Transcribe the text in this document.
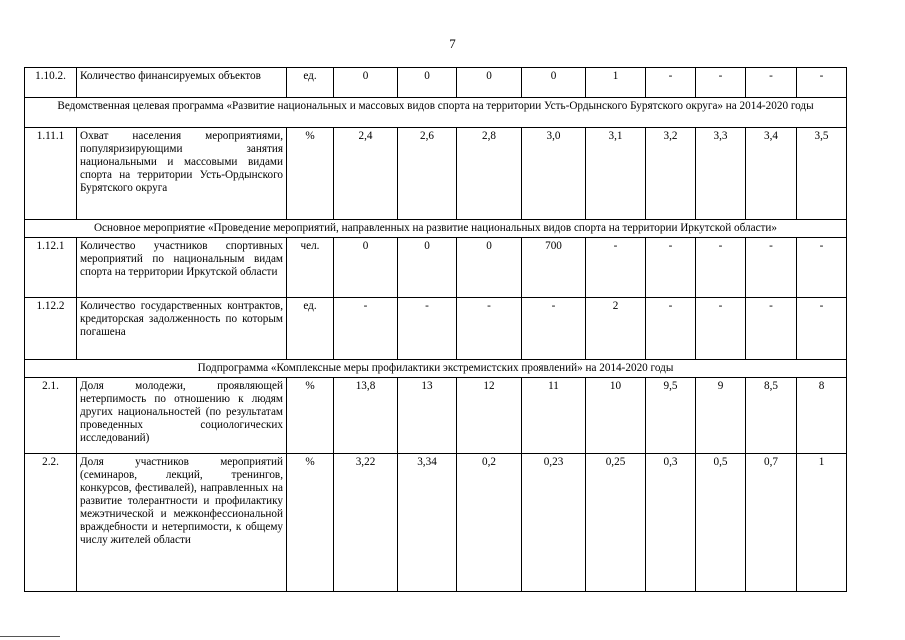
7
1.10.2.	Количество финансируемых объектов	ед.	0	0	0	0	1	-	-	-	-
Ведомственная целевая программа «Развитие национальных и массовых видов спорта на территории Усть-Ордынского Бурятского округа» на 2014-2020 годы											
1.11.1	Охват населения мероприятиями, популяризирующими занятия национальными и массовыми видами спорта на территории Усть-Ордынского Бурятского округа	%	2,4	2,6	2,8	3,0	3,1	3,2	3,3	3,4	3,5
Основное мероприятие «Проведение мероприятий, направленных на развитие национальных видов спорта на территории Иркутской области»											
1.12.1	Количество участников спортивных мероприятий по национальным видам спорта на территории Иркутской области	чел.	0	0	0	700	-	-	-	-	-
1.12.2	Количество государственных контрактов, кредиторская задолженность по которым погашена	ед.	-	-	-	-	2	-	-	-	-
Подпрограмма «Комплексные меры профилактики экстремистских проявлений» на 2014-2020 годы											
2.1.	Доля молодежи, проявляющей нетерпимость по отношению к людям других национальностей (по результатам проведенных социологических исследований)	%	13,8	13	12	11	10	9,5	9	8,5	8
2.2.	Доля участников мероприятий (семинаров, лекций, тренингов, конкурсов, фестивалей), направленных на развитие толерантности и профилактику межэтнической и межконфессиональной враждебности и нетерпимости, к общему числу жителей области	%	3,22	3,34	0,2	0,23	0,25	0,3	0,5	0,7	1
